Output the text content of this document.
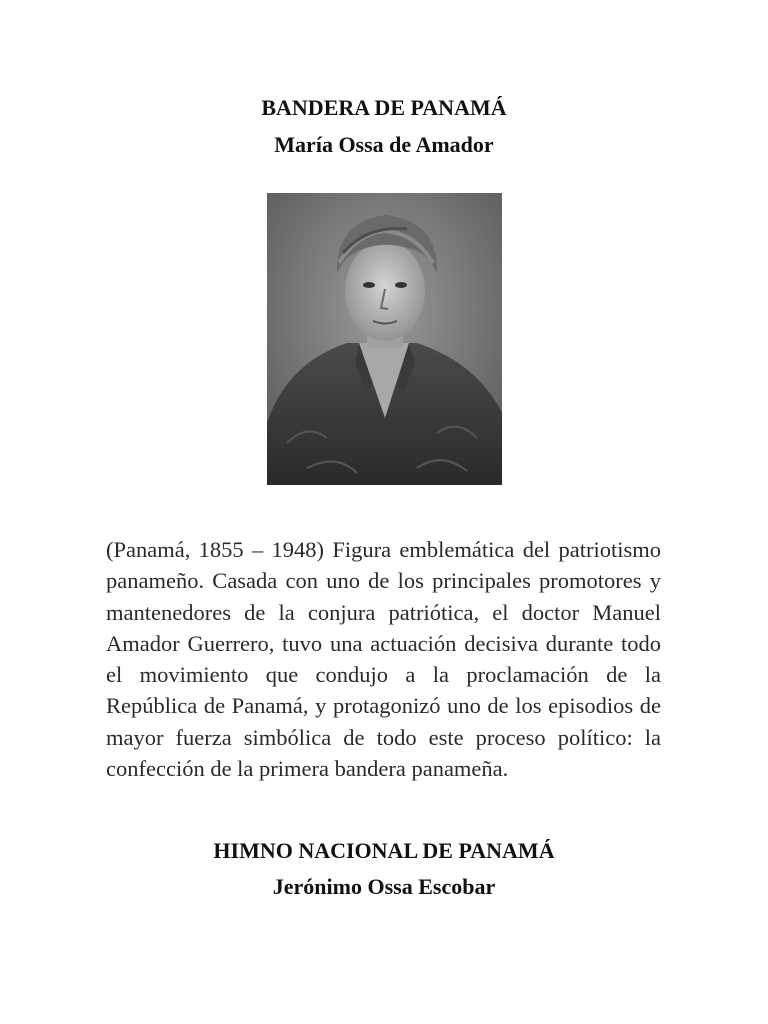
BANDERA DE PANAMÁ
María Ossa de Amador

(Panamá, 1855 – 1948) Figura emblemática del patriotismo panameño. Casada con uno de los principales promotores y mantenedores de la conjura patriótica, el doctor Manuel Amador Guerrero, tuvo una actuación decisiva durante todo el movimiento que condujo a la proclamación de la República de Panamá, y protagonizó uno de los episodios de mayor fuerza simbólica de todo este proceso político: la confección de la primera bandera panameña.

HIMNO NACIONAL DE PANAMÁ
Jerónimo Ossa Escobar
